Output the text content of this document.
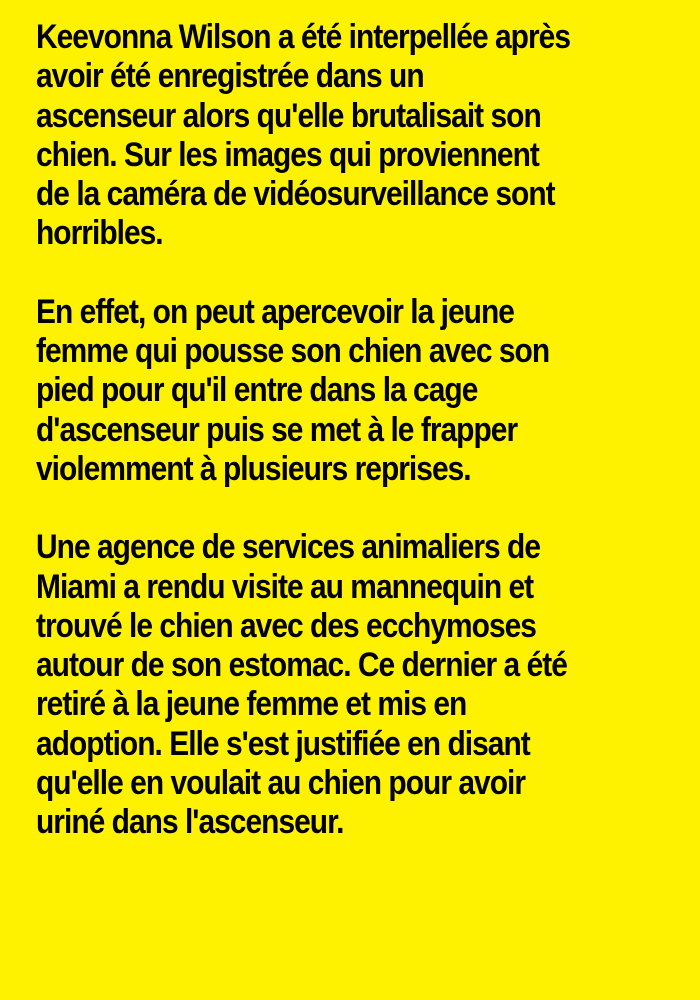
Keevonna Wilson a été interpellée après
avoir été enregistrée dans un
ascenseur alors qu'elle brutalisait son
chien. Sur les images qui proviennent
de la caméra de vidéosurveillance sont
horribles.

En effet, on peut apercevoir la jeune
femme qui pousse son chien avec son
pied pour qu'il entre dans la cage
d'ascenseur puis se met à le frapper
violemment à plusieurs reprises.

Une agence de services animaliers de
Miami a rendu visite au mannequin et
trouvé le chien avec des ecchymoses
autour de son estomac. Ce dernier a été
retiré à la jeune femme et mis en
adoption. Elle s'est justifiée en disant
qu'elle en voulait au chien pour avoir
uriné dans l'ascenseur.
